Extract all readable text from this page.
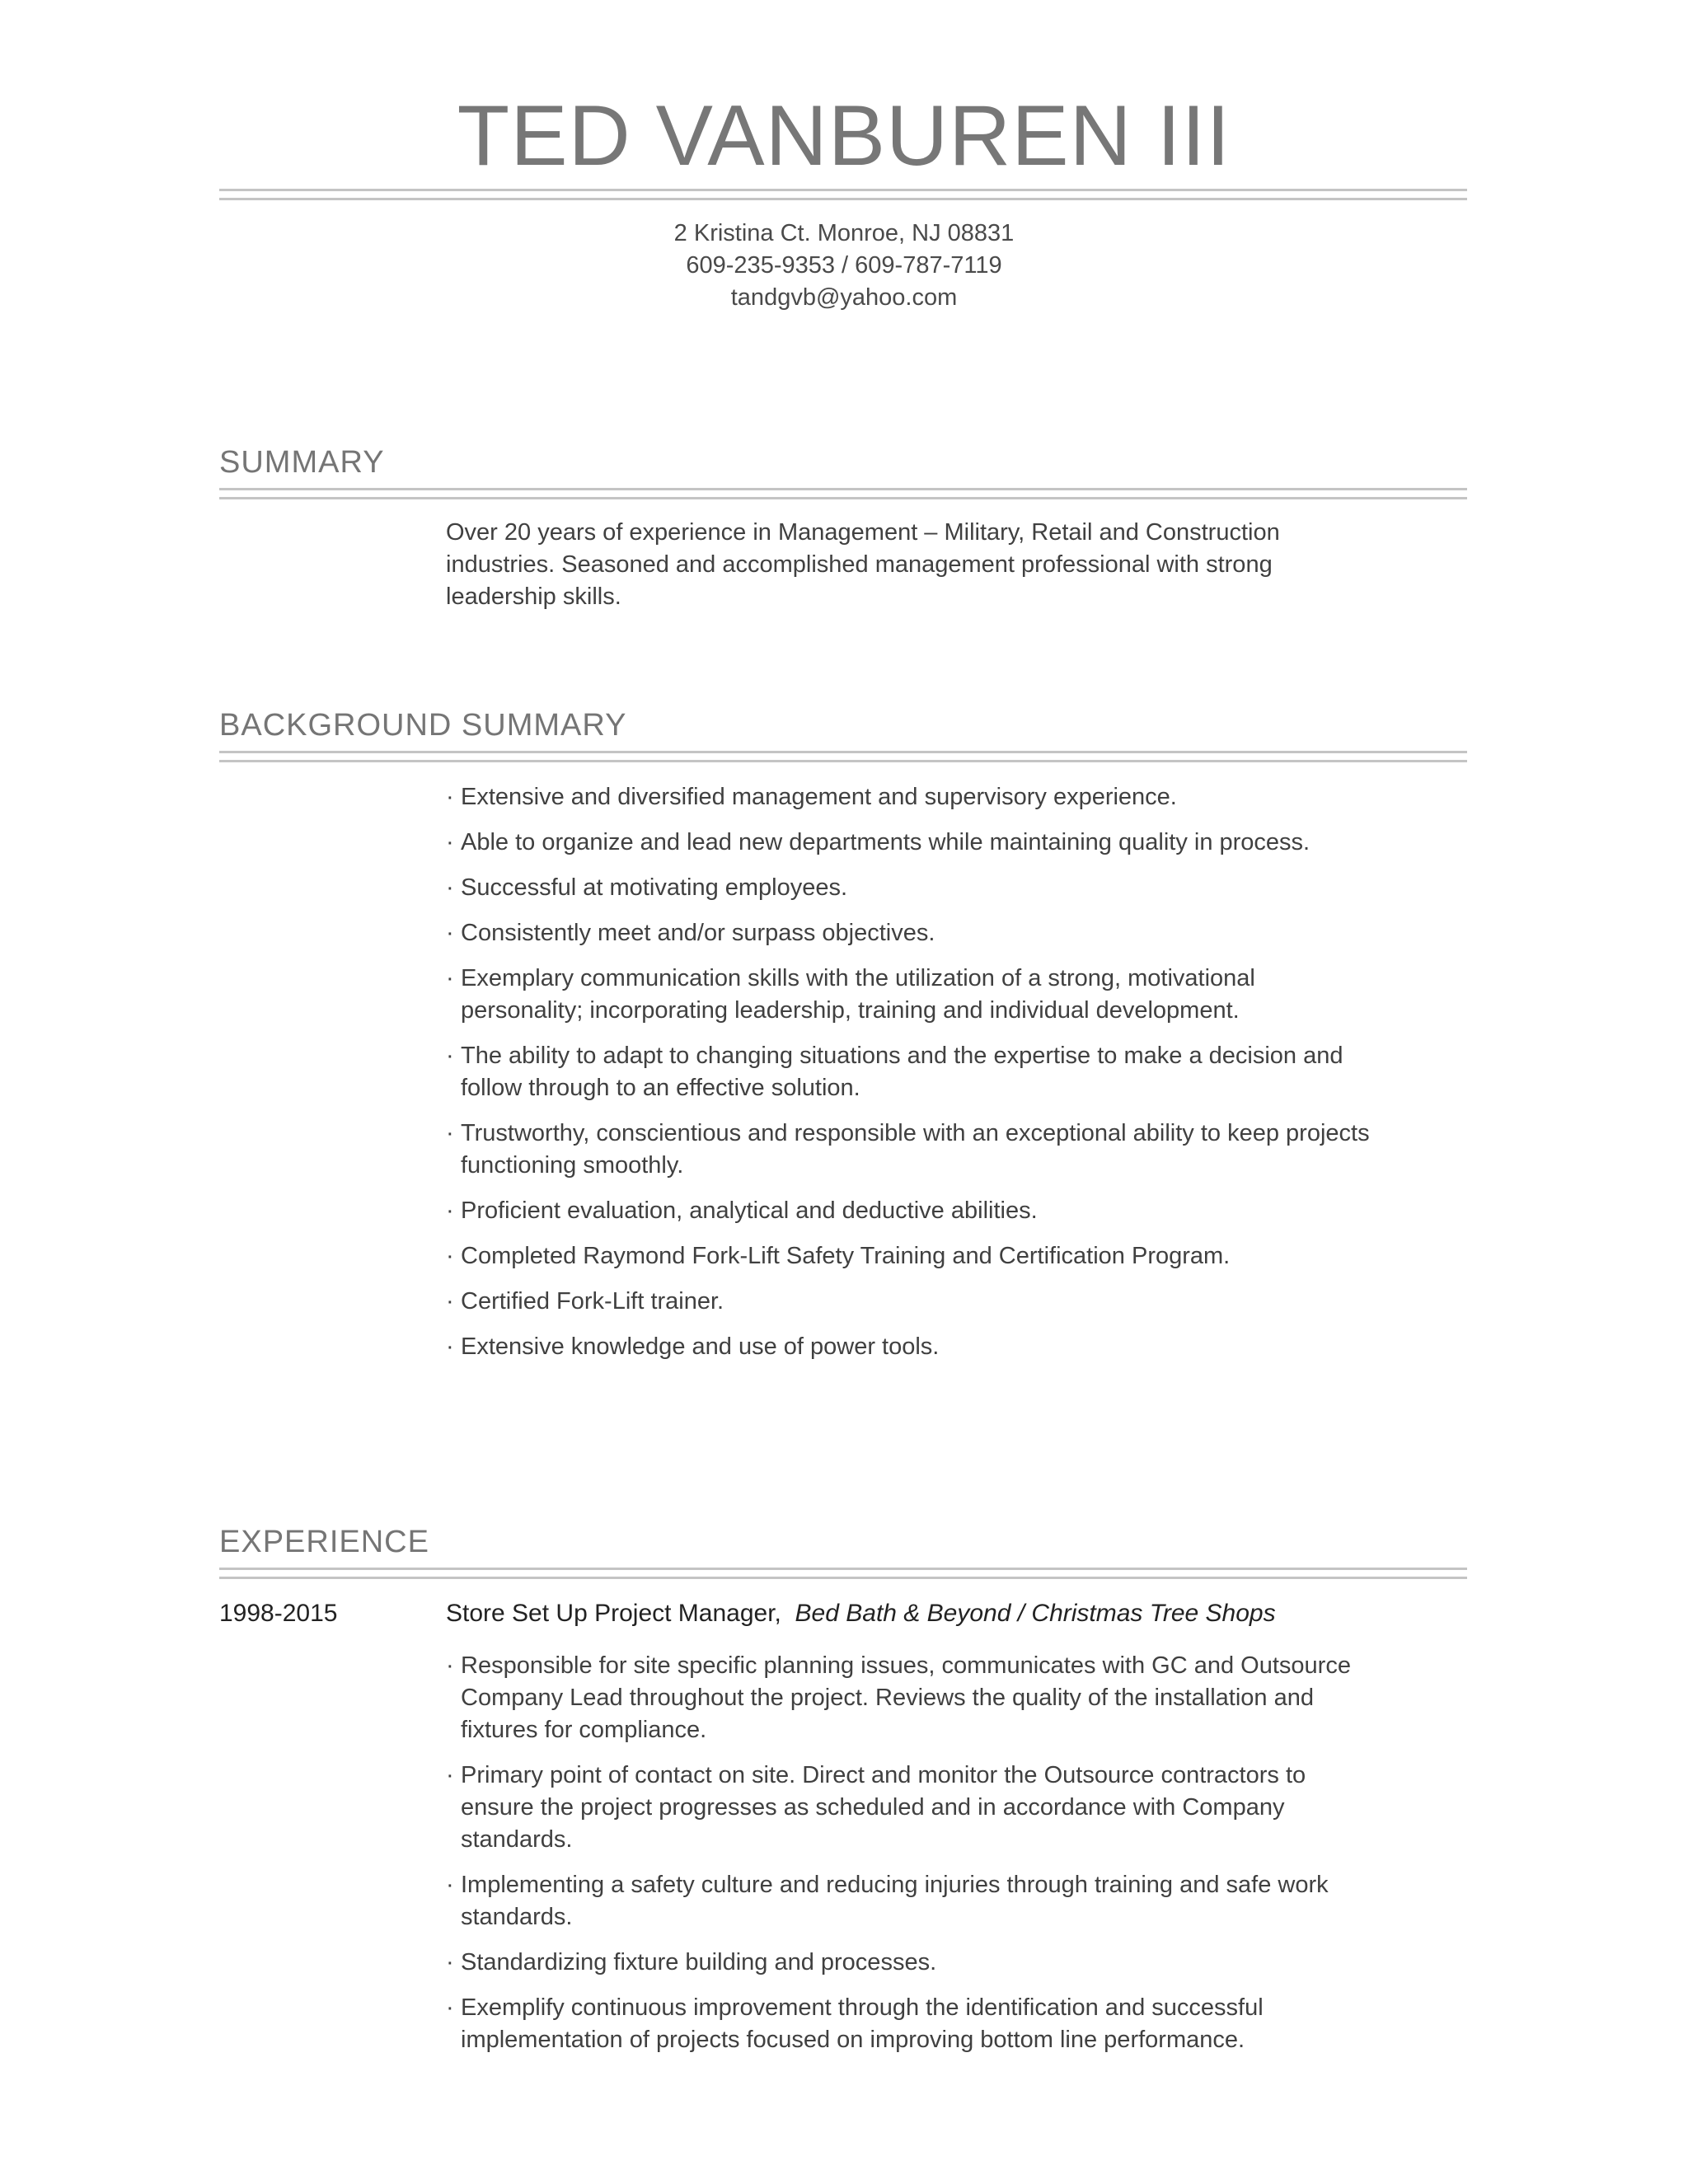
TED VANBUREN III
2 Kristina Ct. Monroe, NJ 08831
609-235-9353 / 609-787-7119
tandgvb@yahoo.com
SUMMARY
Over 20 years of experience in Management – Military, Retail and Construction
industries. Seasoned and accomplished management professional with strong
leadership skills.
BACKGROUND SUMMARY
· Extensive and diversified management and supervisory experience.
· Able to organize and lead new departments while maintaining quality in process.
· Successful at motivating employees.
· Consistently meet and/or surpass objectives.
· Exemplary communication skills with the utilization of a strong, motivational
personality; incorporating leadership, training and individual development.
· The ability to adapt to changing situations and the expertise to make a decision and
follow through to an effective solution.
· Trustworthy, conscientious and responsible with an exceptional ability to keep projects
functioning smoothly.
· Proficient evaluation, analytical and deductive abilities.
· Completed Raymond Fork-Lift Safety Training and Certification Program.
· Certified Fork-Lift trainer.
· Extensive knowledge and use of power tools.
EXPERIENCE
1998-2015	Store Set Up Project Manager, Bed Bath & Beyond / Christmas Tree Shops
· Responsible for site specific planning issues, communicates with GC and Outsource
Company Lead throughout the project. Reviews the quality of the installation and
fixtures for compliance.
· Primary point of contact on site. Direct and monitor the Outsource contractors to
ensure the project progresses as scheduled and in accordance with Company
standards.
· Implementing a safety culture and reducing injuries through training and safe work
standards.
· Standardizing fixture building and processes.
· Exemplify continuous improvement through the identification and successful
implementation of projects focused on improving bottom line performance.
